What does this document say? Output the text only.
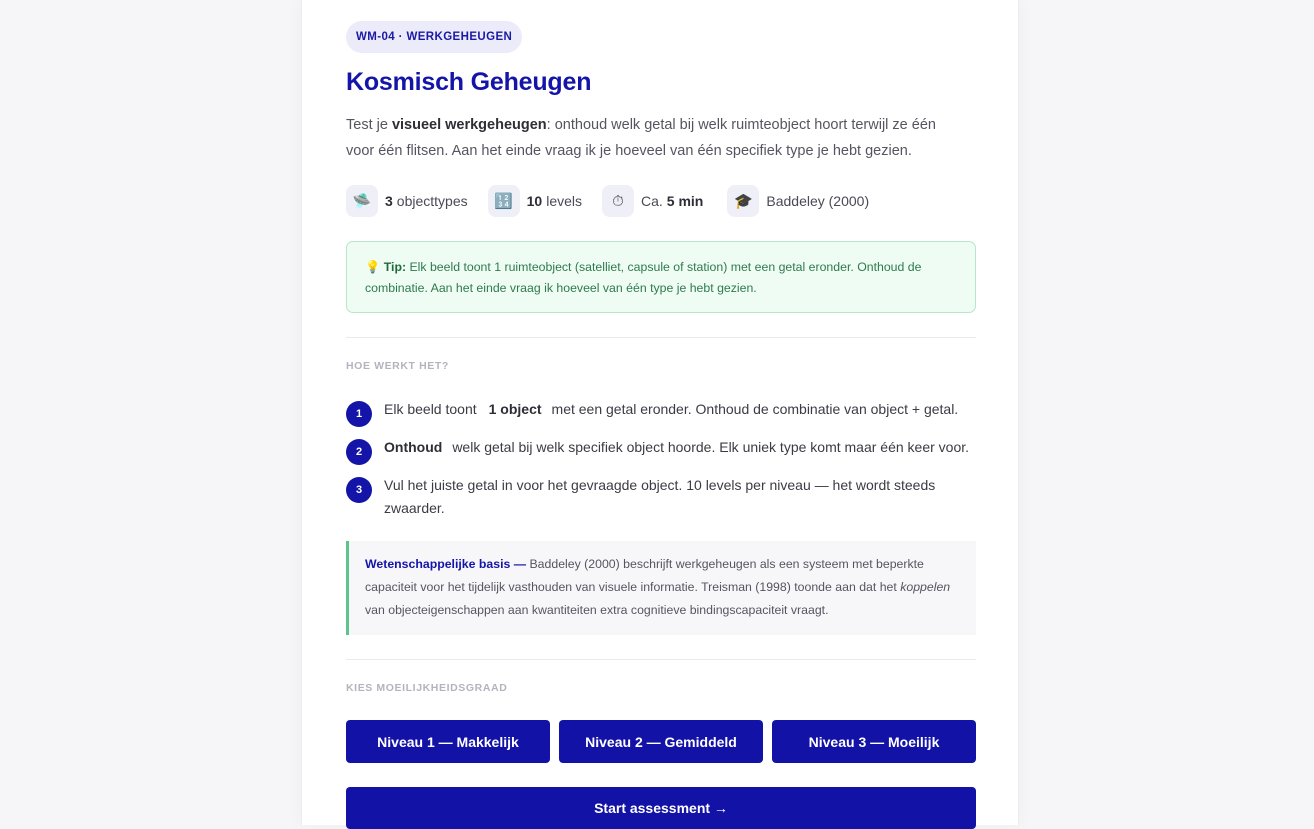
WM-04 · WERKGEHEUGEN
Kosmisch Geheugen

Test je visueel werkgeheugen: onthoud welk getal bij welk ruimteobject hoort terwijl ze één voor één flitsen. Aan het einde vraag ik je hoeveel van één specifiek type je hebt gezien.

🛸 3 objecttypes	🔢 10 levels	⏱	Ca. 5 min	🎓 Baddeley (2000)
💡 Tip: Elk beeld toont 1 ruimteobject (satelliet, capsule of station) met een getal eronder. Onthoud de combinatie. Aan het einde vraag ik hoeveel van één type je hebt gezien.
HOE WERKT HET?
1	Elk beeld toont 1 object met een getal eronder. Onthoud de combinatie van object + getal.
2	Onthoud welk getal bij welk specifiek object hoorde. Elk uniek type komt maar één keer voor.
3	Vul het juiste getal in voor het gevraagde object. 10 levels per niveau — het wordt steeds zwaarder.
Wetenschappelijke basis — Baddeley (2000) beschrijft werkgeheugen als een systeem met beperkte capaciteit voor het tijdelijk vasthouden van visuele informatie. Treisman (1998) toonde aan dat het koppelen van objecteigenschappen aan kwantiteiten extra cognitieve bindingscapaciteit vraagt.
KIES MOEILIJKHEIDSGRAAD
Niveau 1 — Makkelijk	Niveau 2 — Gemiddeld	Niveau 3 — Moeilijk
Start assessment →
